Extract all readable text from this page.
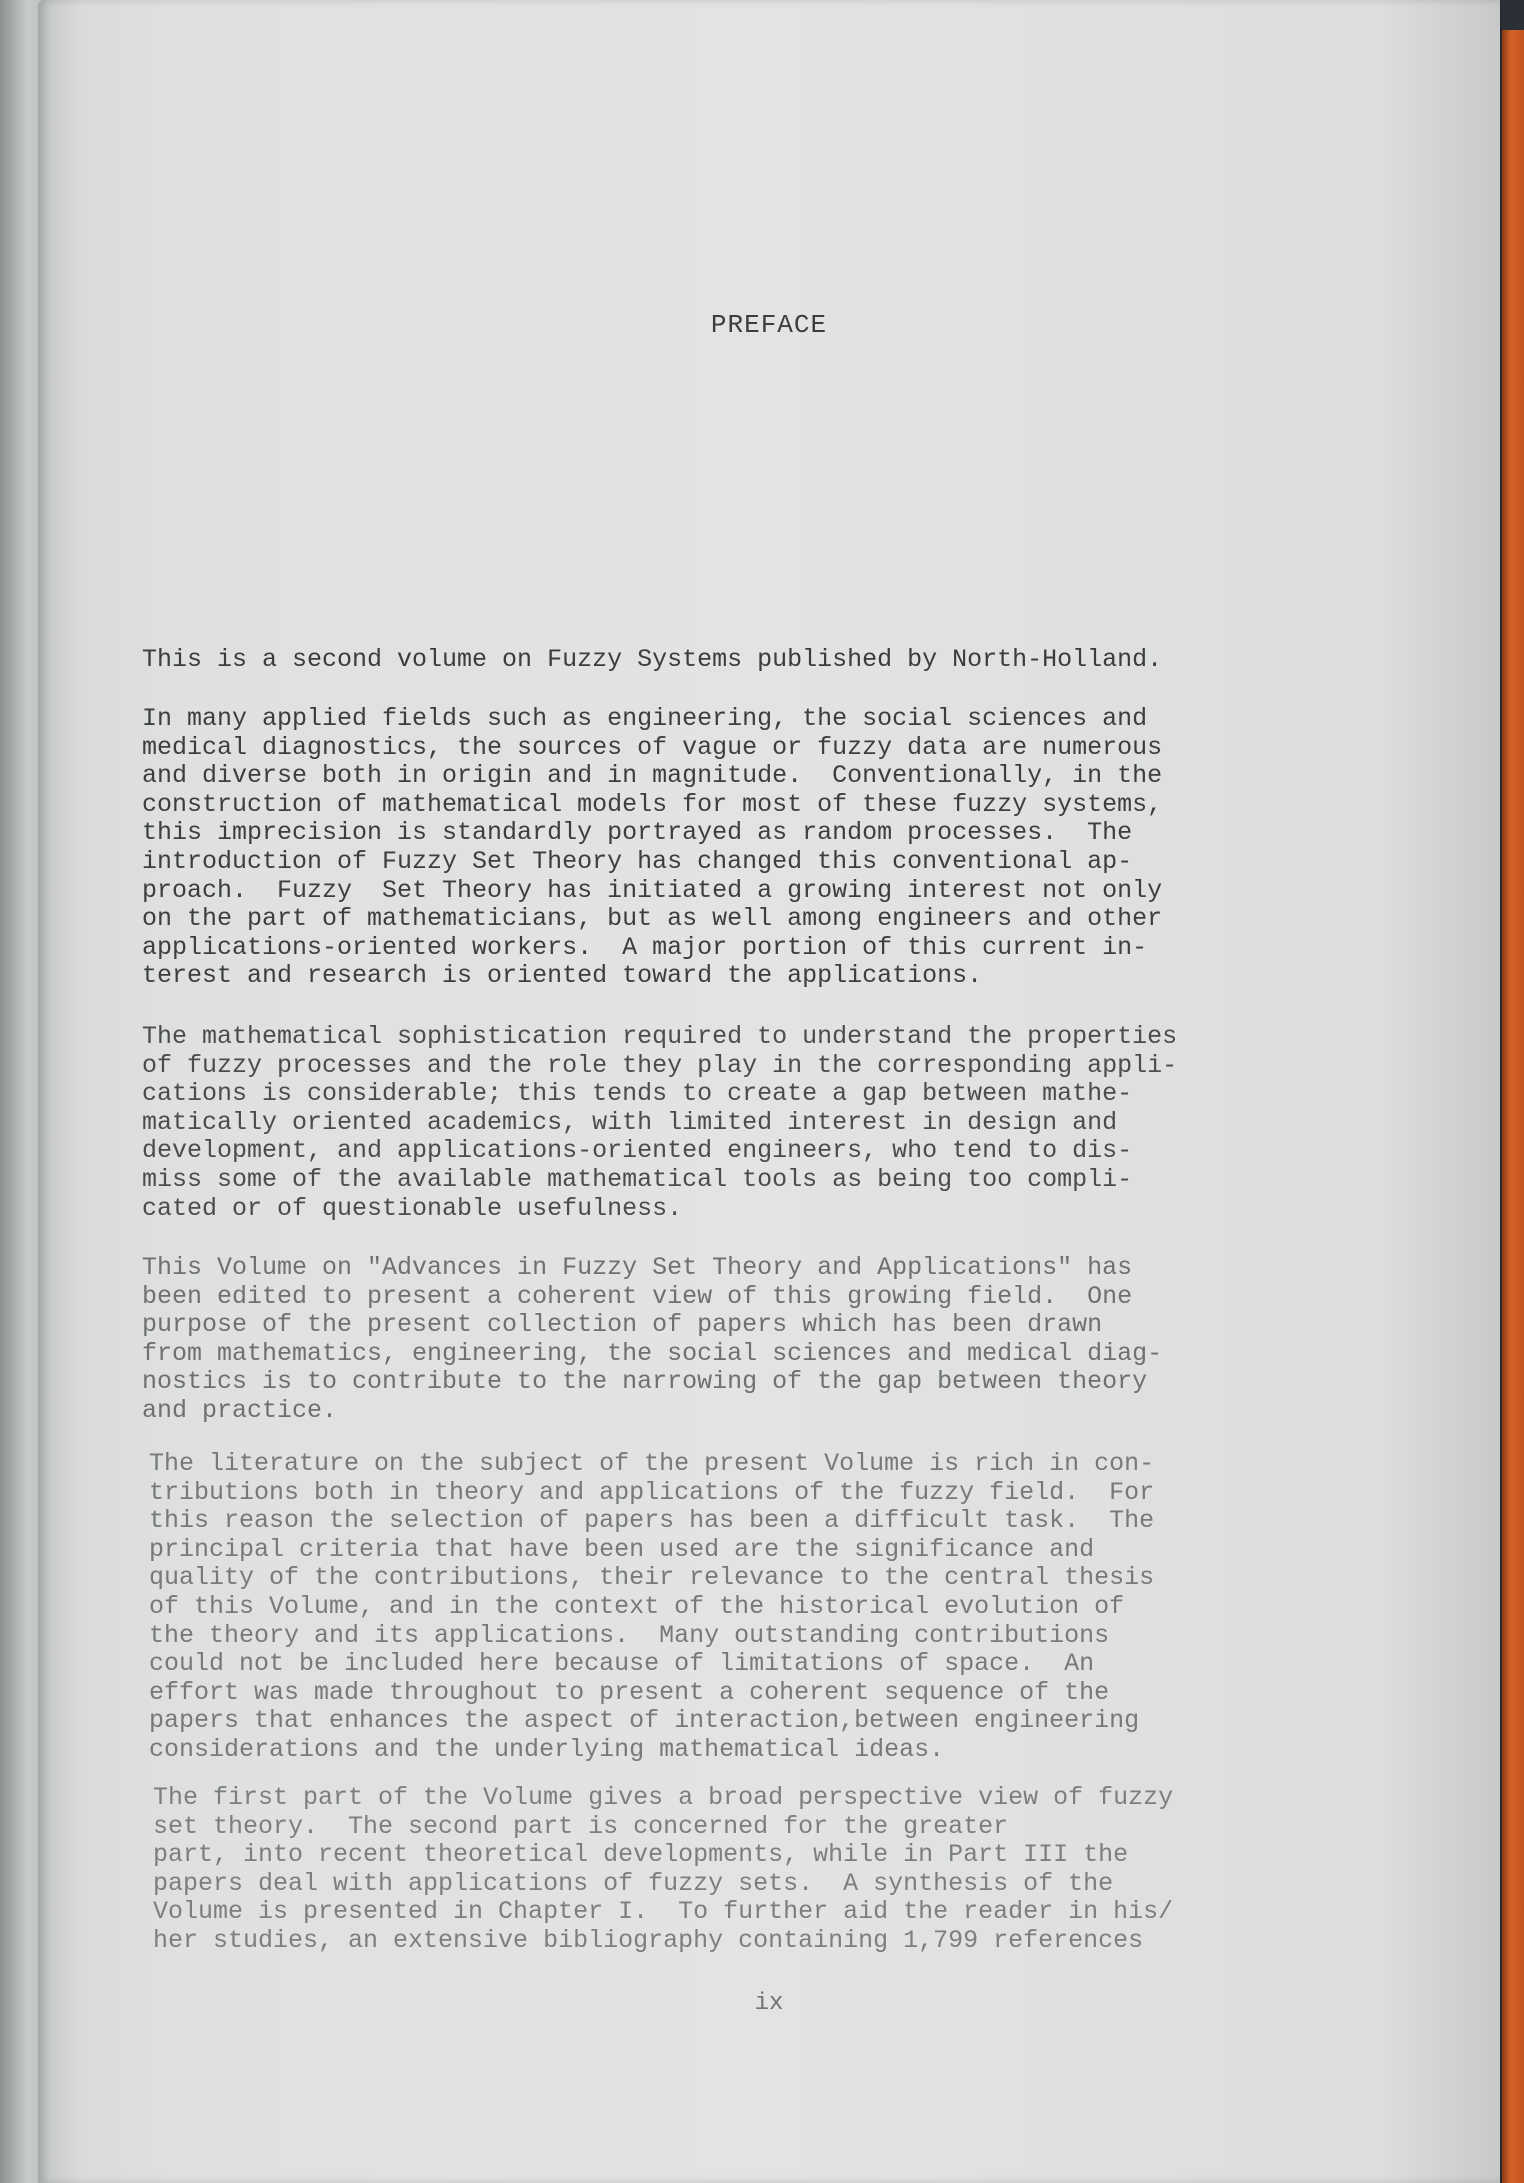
PREFACE
This is a second volume on Fuzzy Systems published by North-Holland.
In many applied fields such as engineering, the social sciences and
medical diagnostics, the sources of vague or fuzzy data are numerous
and diverse both in origin and in magnitude.  Conventionally, in the
construction of mathematical models for most of these fuzzy systems,
this imprecision is standardly portrayed as random processes.  The
introduction of Fuzzy Set Theory has changed this conventional ap-
proach.  Fuzzy  Set Theory has initiated a growing interest not only
on the part of mathematicians, but as well among engineers and other
applications-oriented workers.  A major portion of this current in-
terest and research is oriented toward the applications.
The mathematical sophistication required to understand the properties
of fuzzy processes and the role they play in the corresponding appli-
cations is considerable; this tends to create a gap between mathe-
matically oriented academics, with limited interest in design and
development, and applications-oriented engineers, who tend to dis-
miss some of the available mathematical tools as being too compli-
cated or of questionable usefulness.
This Volume on "Advances in Fuzzy Set Theory and Applications" has
been edited to present a coherent view of this growing field.  One
purpose of the present collection of papers which has been drawn
from mathematics, engineering, the social sciences and medical diag-
nostics is to contribute to the narrowing of the gap between theory
and practice.
The literature on the subject of the present Volume is rich in con-
tributions both in theory and applications of the fuzzy field.  For
this reason the selection of papers has been a difficult task.  The
principal criteria that have been used are the significance and
quality of the contributions, their relevance to the central thesis
of this Volume, and in the context of the historical evolution of
the theory and its applications.  Many outstanding contributions
could not be included here because of limitations of space.  An
effort was made throughout to present a coherent sequence of the
papers that enhances the aspect of interaction,between engineering
considerations and the underlying mathematical ideas.
The first part of the Volume gives a broad perspective view of fuzzy
set theory.  The second part is concerned for the greater
part, into recent theoretical developments, while in Part III the
papers deal with applications of fuzzy sets.  A synthesis of the
Volume is presented in Chapter I.  To further aid the reader in his/
her studies, an extensive bibliography containing 1,799 references
ix
